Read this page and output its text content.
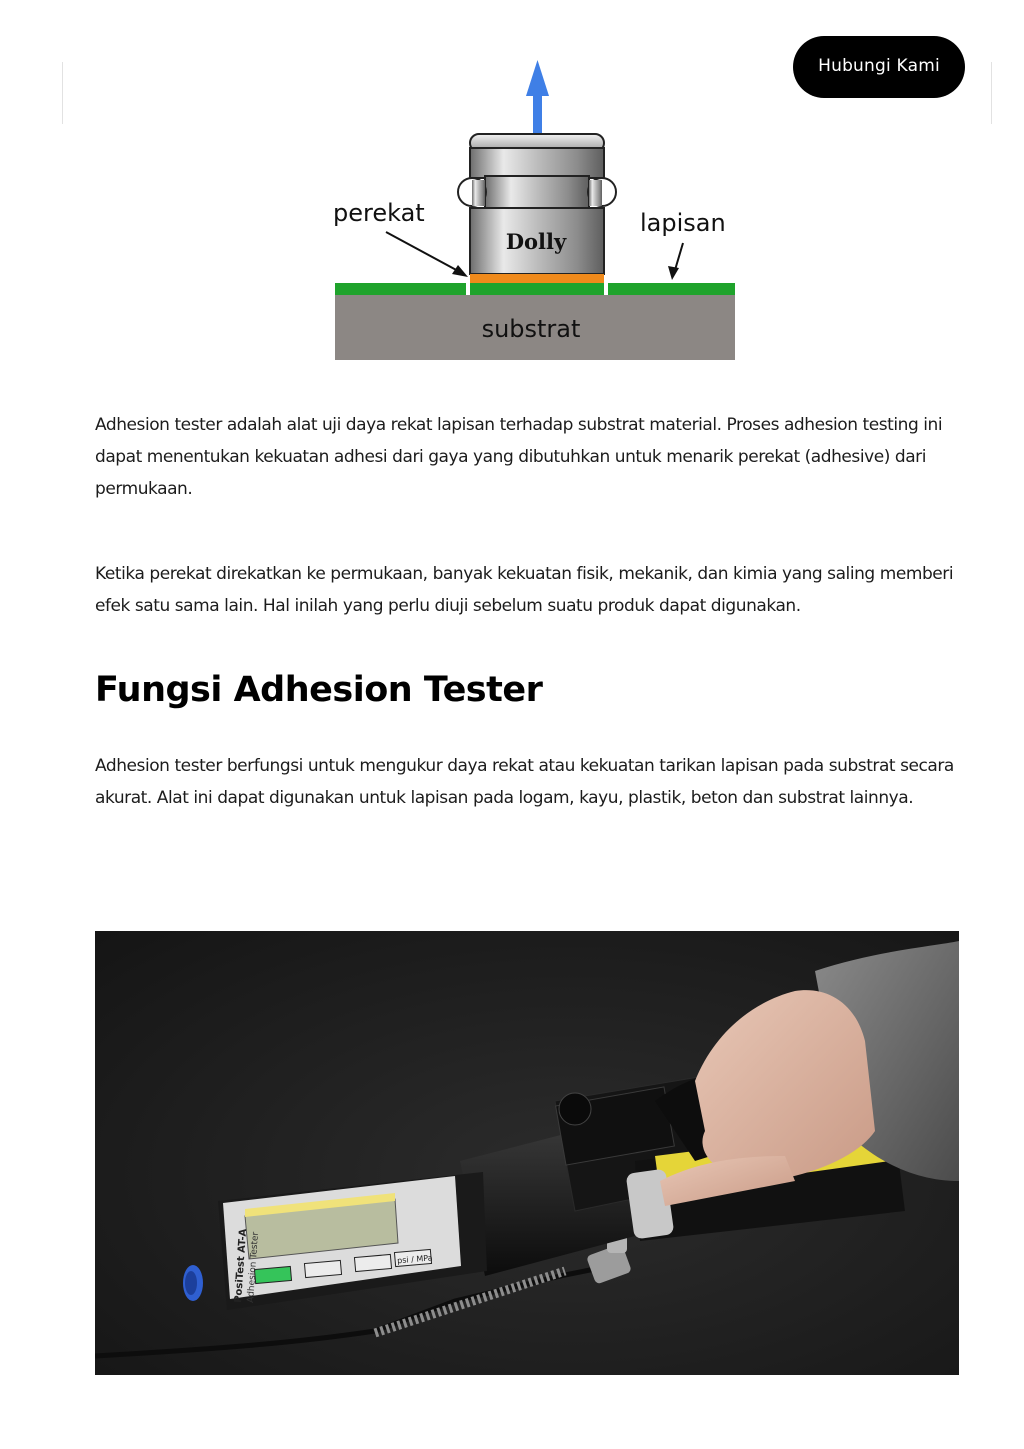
Dolly
substrat
perekat	lapisan
Hubungi Kami

Adhesion tester adalah alat uji daya rekat lapisan terhadap substrat material. Proses adhesion testing ini dapat menentukan kekuatan adhesi dari gaya yang dibutuhkan untuk menarik perekat (adhesive) dari permukaan.

Ketika perekat direkatkan ke permukaan, banyak kekuatan fisik, mekanik, dan kimia yang saling memberi efek satu sama lain. Hal inilah yang perlu diuji sebelum suatu produk dapat digunakan.

Fungsi Adhesion Tester

Adhesion tester berfungsi untuk mengukur daya rekat atau kekuatan tarikan lapisan pada substrat secara akurat. Alat ini dapat digunakan untuk lapisan pada logam, kayu, plastik, beton dan substrat lainnya.

psi / MPa
PosiTest AT-A
Adhesion Tester
